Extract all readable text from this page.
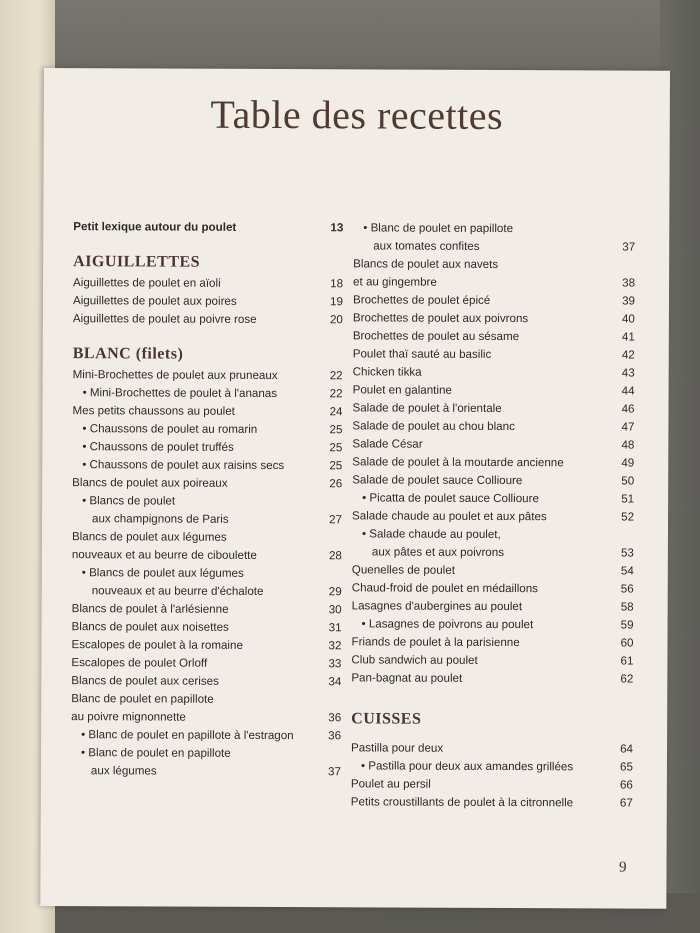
Table des recettes
Petit lexique autour du poulet	13
AIGUILLETTES
Aiguillettes de poulet en aïoli	18
Aiguillettes de poulet aux poires	19
Aiguillettes de poulet au poivre rose	20
BLANC (filets)
Mini-Brochettes de poulet aux pruneaux	22
• Mini-Brochettes de poulet à l'ananas	22
Mes petits chaussons au poulet	24
• Chaussons de poulet au romarin	25
• Chaussons de poulet truffés	25
• Chaussons de poulet aux raisins secs	25
Blancs de poulet aux poireaux	26
• Blancs de poulet
aux champignons de Paris	27
Blancs de poulet aux légumes
nouveaux et au beurre de ciboulette	28
• Blancs de poulet aux légumes
nouveaux et au beurre d'échalote	29
Blancs de poulet à l'arlésienne	30
Blancs de poulet aux noisettes	31
Escalopes de poulet à la romaine	32
Escalopes de poulet Orloff	33
Blancs de poulet aux cerises	34
Blanc de poulet en papillote
au poivre mignonnette	36
• Blanc de poulet en papillote à l'estragon	36
• Blanc de poulet en papillote
aux légumes	37
• Blanc de poulet en papillote
aux tomates confites	37
Blancs de poulet aux navets
et au gingembre	38
Brochettes de poulet épicé	39
Brochettes de poulet aux poivrons	40
Brochettes de poulet au sésame	41
Poulet thaï sauté au basilic	42
Chicken tikka	43
Poulet en galantine	44
Salade de poulet à l'orientale	46
Salade de poulet au chou blanc	47
Salade César	48
Salade de poulet à la moutarde ancienne	49
Salade de poulet sauce Collioure	50
• Picatta de poulet sauce Collioure	51
Salade chaude au poulet et aux pâtes	52
• Salade chaude au poulet,
aux pâtes et aux poivrons	53
Quenelles de poulet	54
Chaud-froid de poulet en médaillons	56
Lasagnes d'aubergines au poulet	58
• Lasagnes de poivrons au poulet	59
Friands de poulet à la parisienne	60
Club sandwich au poulet	61
Pan-bagnat au poulet	62
CUISSES
Pastilla pour deux	64
• Pastilla pour deux aux amandes grillées	65
Poulet au persil	66
Petits croustillants de poulet à la citronnelle	67
9
